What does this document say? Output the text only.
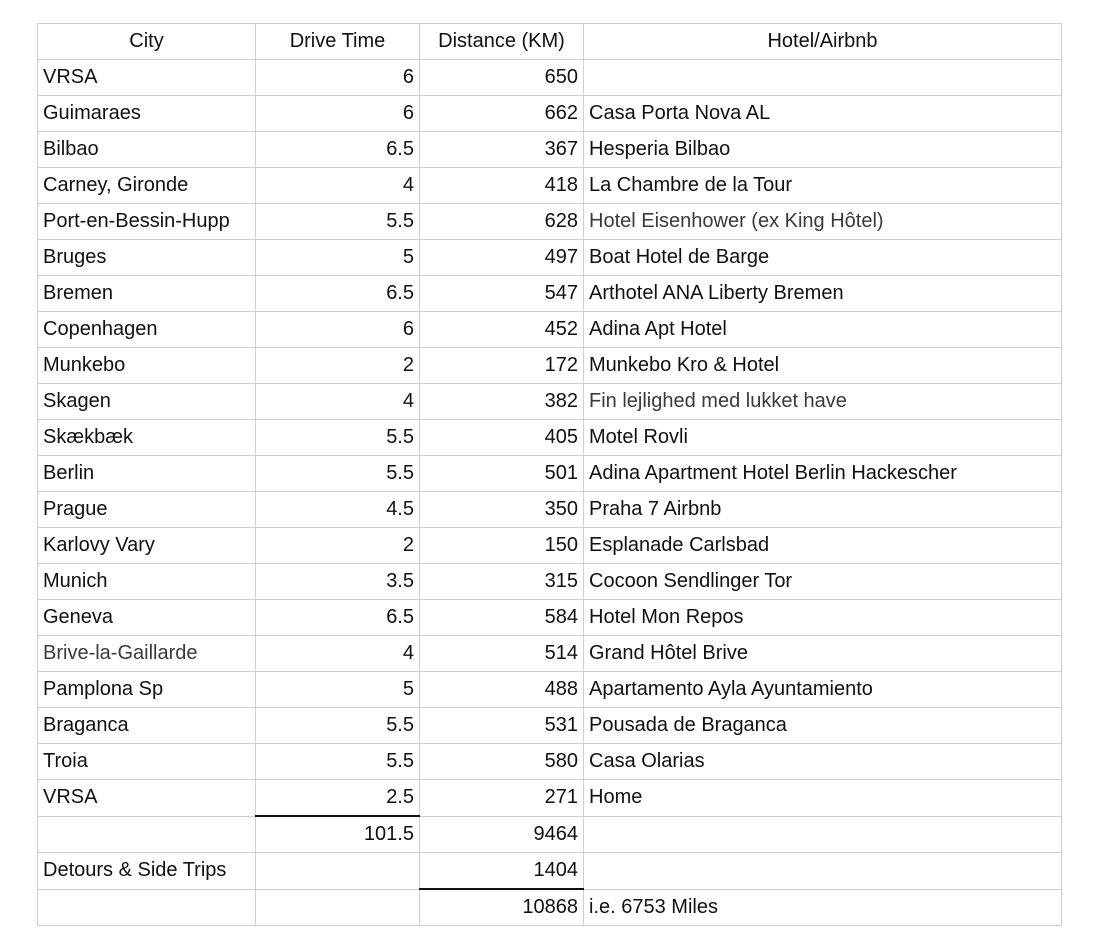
City	Drive Time	Distance (KM)	Hotel/Airbnb
VRSA	6	650	
Guimaraes	6	662	Casa Porta Nova AL
Bilbao	6.5	367	Hesperia Bilbao
Carney, Gironde	4	418	La Chambre de la Tour
Port-en-Bessin-Hupp	5.5	628	Hotel Eisenhower (ex King Hôtel)
Bruges	5	497	Boat Hotel de Barge
Bremen	6.5	547	Arthotel ANA Liberty Bremen
Copenhagen	6	452	Adina Apt Hotel
Munkebo	2	172	Munkebo Kro & Hotel
Skagen	4	382	Fin lejlighed med lukket have
Skækbæk	5.5	405	Motel Rovli
Berlin	5.5	501	Adina Apartment Hotel Berlin Hackescher
Prague	4.5	350	Praha 7 Airbnb
Karlovy Vary	2	150	Esplanade Carlsbad
Munich	3.5	315	Cocoon Sendlinger Tor
Geneva	6.5	584	Hotel Mon Repos
Brive-la-Gaillarde	4	514	Grand Hôtel Brive
Pamplona Sp	5	488	Apartamento Ayla Ayuntamiento
Braganca	5.5	531	Pousada de Braganca
Troia	5.5	580	Casa Olarias
VRSA	2.5	271	Home
	101.5	9464	
Detours & Side Trips		1404	
		10868	i.e. 6753 Miles
